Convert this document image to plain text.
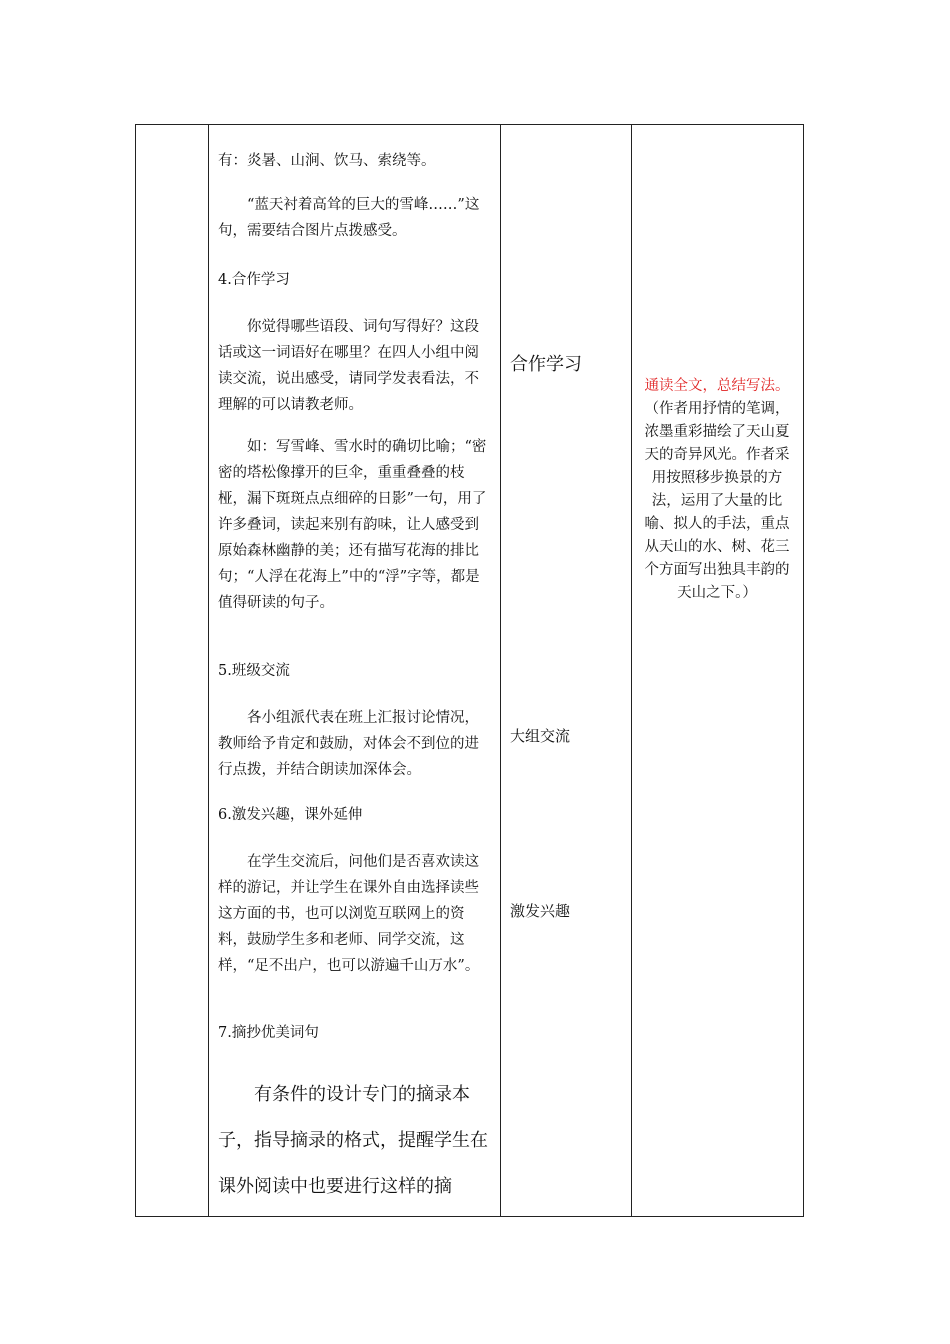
有：炎暑、山涧、饮马、索绕等。

“蓝天衬着高耸的巨大的雪峰……”这句，需要结合图片点拨感受。

4.合作学习

你觉得哪些语段、词句写得好？这段话或这一词语好在哪里？在四人小组中阅读交流，说出感受，请同学发表看法，不理解的可以请教老师。

如：写雪峰、雪水时的确切比喻；“密密的塔松像撑开的巨伞，重重叠叠的枝桠，漏下斑斑点点细碎的日影”一句，用了许多叠词，读起来别有韵味，让人感受到原始森林幽静的美；还有描写花海的排比句；“人浮在花海上”中的“浮”字等，都是值得研读的句子。

5.班级交流

各小组派代表在班上汇报讨论情况，教师给予肯定和鼓励，对体会不到位的进行点拨，并结合朗读加深体会。

6.激发兴趣，课外延伸

在学生交流后，问他们是否喜欢读这样的游记，并让学生在课外自由选择读些这方面的书，也可以浏览互联网上的资料，鼓励学生多和老师、同学交流，这样，“足不出户，也可以游遍千山万水”。

7.摘抄优美词句

有条件的设计专门的摘录本子，指导摘录的格式，提醒学生在课外阅读中也要进行这样的摘

合作学习
大组交流
激发兴趣

通读全文，总结写法。（作者用抒情的笔调，浓墨重彩描绘了天山夏天的奇异风光。作者采用按照移步换景的方法，运用了大量的比喻、拟人的手法，重点从天山的水、树、花三个方面写出独具丰韵的天山之下。）
